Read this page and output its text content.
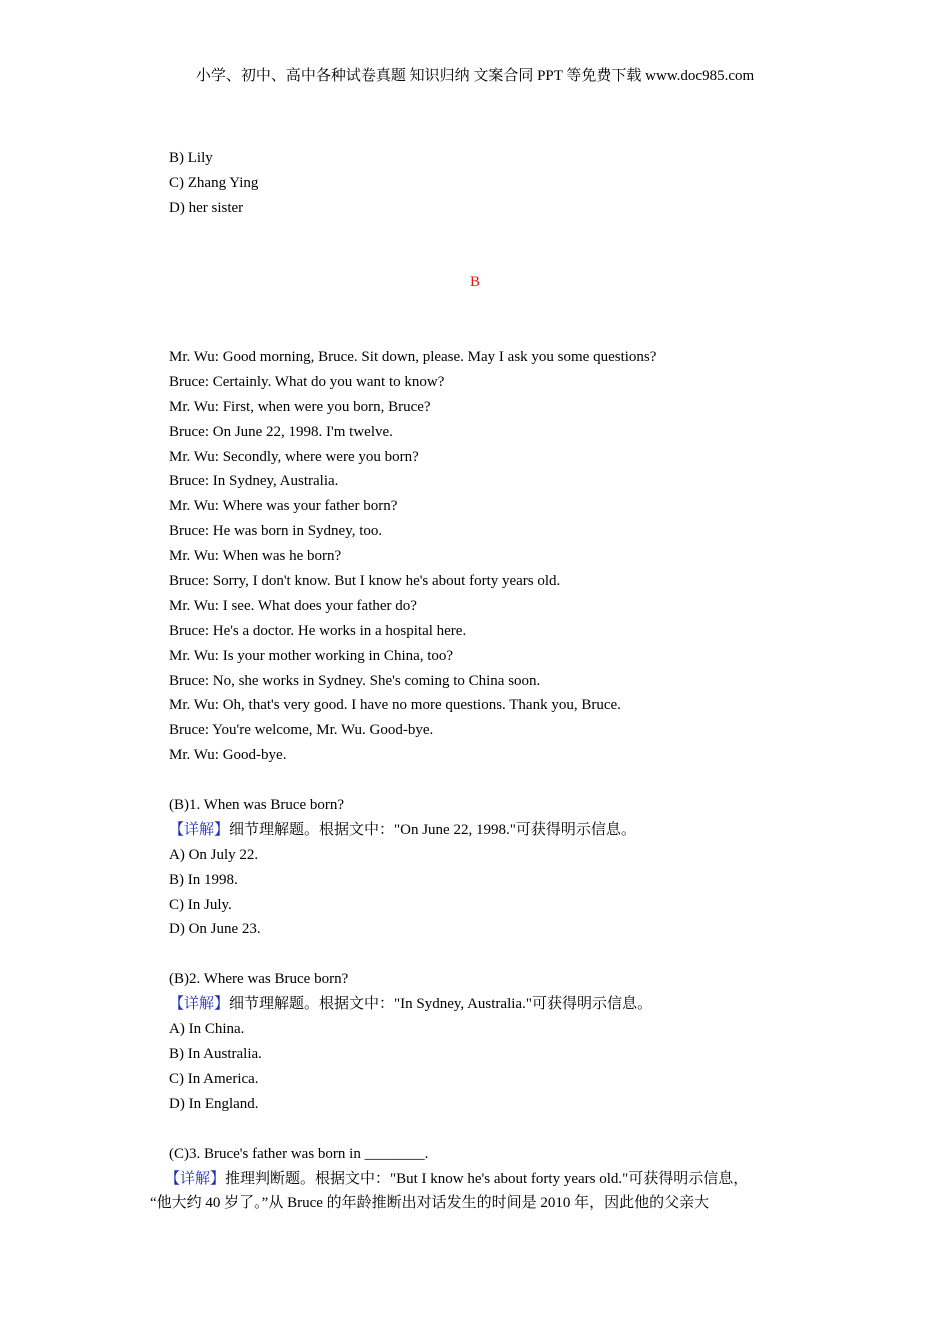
小学、初中、高中各种试卷真题 知识归纳 文案合同 PPT 等免费下载 www.doc985.com
B) Lily
C) Zhang Ying
D) her sister
B
Mr. Wu: Good morning, Bruce. Sit down, please. May I ask you some questions?
Bruce: Certainly. What do you want to know?
Mr. Wu: First, when were you born, Bruce?
Bruce: On June 22, 1998. I'm twelve.
Mr. Wu: Secondly, where were you born?
Bruce: In Sydney, Australia.
Mr. Wu: Where was your father born?
Bruce: He was born in Sydney, too.
Mr. Wu: When was he born?
Bruce: Sorry, I don't know. But I know he's about forty years old.
Mr. Wu: I see. What does your father do?
Bruce: He's a doctor. He works in a hospital here.
Mr. Wu: Is your mother working in China, too?
Bruce: No, she works in Sydney. She's coming to China soon.
Mr. Wu: Oh, that's very good. I have no more questions. Thank you, Bruce.
Bruce: You're welcome, Mr. Wu. Good-bye.
Mr. Wu: Good-bye.
(B)1. When was Bruce born?
【详解】细节理解题。根据文中："On June 22, 1998."可获得明示信息。
A) On July 22.
B) In 1998.
C) In July.
D) On June 23.
(B)2. Where was Bruce born?
【详解】细节理解题。根据文中："In Sydney, Australia."可获得明示信息。
A) In China.
B) In Australia.
C) In America.
D) In England.
(C)3. Bruce's father was born in ________.
【详解】推理判断题。根据文中："But I know he's about forty years old."可获得明示信息，
“他大约 40 岁了。”从 Bruce 的年龄推断出对话发生的时间是 2010 年，因此他的父亲大
